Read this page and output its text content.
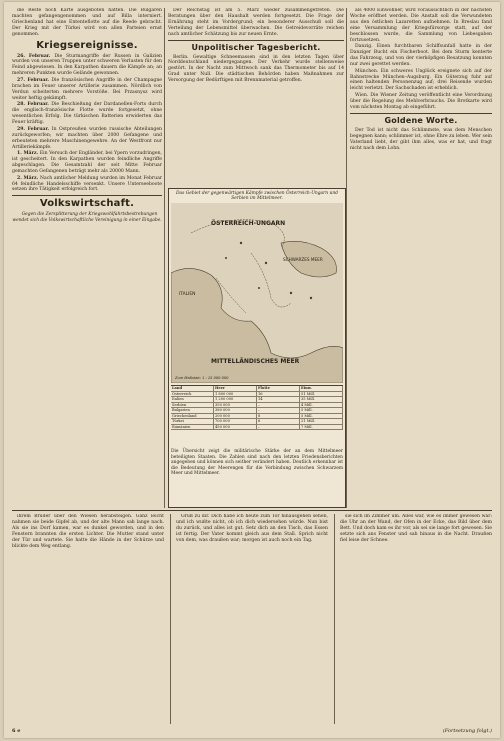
die Reste noch Karte ausgeboten hatten. Die Bulgaren machten gefangengenommen und auf Billa interniert. Griechenland hat eine Ententeflotte auf die Reede gebracht. Der Krieg mit der Türkei wird von allen Parteien ernst genommen.

Kriegsereignisse.

26. Februar. Die Sturmangriffe der Russen in Galizien wurden von unseren Truppen unter schweren Verlusten für den Feind abgewiesen. In den Karpathen dauern die Kämpfe an; an mehreren Punkten wurde Gelände gewonnen.

27. Februar. Die französischen Angriffe in der Champagne brachen im Feuer unserer Artillerie zusammen. Nördlich von Verdun scheiterten mehrere Vorstöße. Bei Przasnysz wird weiter heftig gekämpft.

28. Februar. Die Beschießung der Dardanellen-Forts durch die englisch-französische Flotte wurde fortgesetzt, ohne wesentlichen Erfolg. Die türkischen Batterien erwiderten das Feuer kräftig.

29. Februar. In Ostpreußen wurden russische Abteilungen zurückgeworfen; wir machten über 2000 Gefangene und erbeuteten mehrere Maschinengewehre. An der Westfront nur Artilleriekämpfe.

1. März. Ein Versuch der Engländer, bei Ypern vorzudringen, ist gescheitert. In den Karpathen wurden feindliche Angriffe abgeschlagen. Die Gesamtzahl der seit Mitte Februar gemachten Gefangenen beträgt mehr als 20000 Mann.

2. März. Nach amtlicher Meldung wurden im Monat Februar 64 feindliche Handelsschiffe versenkt. Unsere Unterseeboote setzen ihre Tätigkeit erfolgreich fort.

Volkswirtschaft.

Gegen die Zersplitterung der Kriegswohlfahrtsbestrebungen wendet sich die Volkswirtschaftliche Vereinigung in einer Eingabe.

Der Reichstag ist am 5. März wieder zusammengetreten. Die Beratungen über den Haushalt werden fortgesetzt. Die Frage der Ernährung steht im Vordergrund; ein besonderer Ausschuß soll die Verteilung der Lebensmittel überwachen. Die Getreidevorräte reichen nach amtlicher Schätzung bis zur neuen Ernte.

Unpolitischer Tagesbericht.

Berlin. Gewaltige Schneemassen sind in den letzten Tagen über Norddeutschland niedergegangen. Der Verkehr wurde stellenweise gestört. In der Nacht zum Mittwoch sank das Thermometer bis auf 14 Grad unter Null. Die städtischen Behörden haben Maßnahmen zur Versorgung der Bedürftigen mit Brennmaterial getroffen.

Das Gebiet der gegenwärtigen Kämpfe zwischen Österreich-Ungarn und Serbien im Mittelmeer.
ÖSTERREICH-UNGARN
MITTELLÄNDISCHES MEER
SCHWARZES MEER
ITALIEN
Zum Maßstab: 1 : 15 000 000
Land	Heer	Flotte	Einw.
Österreich	1 800 000	16	51 Mill.
Italien	1 200 000	14	35 Mill.
Serbien	350 000	–	4 Mill.
Bulgarien	380 000	–	5 Mill.
Griechenland	200 000	8	5 Mill.
Türkei	700 000	6	21 Mill.
Rumänien	450 000	–	7 Mill.
Die Übersicht zeigt die militärische Stärke der an dem Mittelmeer beteiligten Staaten. Die Zahlen sind nach den letzten Friedensberichten angegeben und können sich seither verändert haben. Deutlich erkennbar ist die Bedeutung der Meerengen für die Verbindung zwischen Schwarzem Meer und Mittelmeer.

als 4000 Einwohner, wird voraussichtlich in der nächsten Woche eröffnet werden. Die Anstalt soll die Verwundeten aus den östlichen Lazaretten aufnehmen. In Breslau fand eine Versammlung der Kriegsfürsorge statt, auf der beschlossen wurde, die Sammlung von Liebesgaben fortzusetzen.

Danzig. Einen furchtbaren Schiffsunfall hatte in der Danziger Bucht ein Fischerboot. Bei dem Sturm kenterte das Fahrzeug, und von der vierköpfigen Besatzung konnten nur zwei gerettet werden.

München. Ein schweres Unglück ereignete sich auf der Bahnstrecke München–Augsburg. Ein Güterzug fuhr auf einen haltenden Personenzug auf; drei Reisende wurden leicht verletzt. Der Sachschaden ist erheblich.

Wien. Die Wiener Zeitung veröffentlicht eine Verordnung über die Regelung des Mehlverbrauchs. Die Brotkarte wird vom nächsten Montag ab eingeführt.

Goldene Worte.

Der Tod ist nicht das Schlimmste, was dem Menschen begegnen kann; schlimmer ist, ohne Ehre zu leben. Wer sein Vaterland liebt, der gibt ihm alles, was er hat, und fragt nicht nach dem Lohn.

ihrem Bruder über den Wiesen herabsteigen. Ganz leicht nahmen sie beide Gipfel ab, und der alte Mann sah lange nach. Als sie ins Dorf kamen, war es dunkel geworden, und in den Fenstern brannten die ersten Lichter. Die Mutter stand unter der Tür und wartete. Sie hatte die Hände in der Schürze und blickte dem Weg entlang.

Gruß zu dir. Dich habe ich heute zum Tor hinausgehen sehen, und ich wußte nicht, ob ich dich wiedersehen würde. Nun bist du zurück, und alles ist gut. Setz dich an den Tisch, das Essen ist fertig. Der Vater kommt gleich aus dem Stall. Sprich nicht von dem, was draußen war; morgen ist auch noch ein Tag.

sie sich im Zimmer um. Alles war, wie es immer gewesen war: die Uhr an der Wand, der Ofen in der Ecke, das Bild über dem Bett. Und doch kam es ihr vor, als sei sie lange fort gewesen. Sie setzte sich ans Fenster und sah hinaus in die Nacht. Draußen fiel leise der Schnee.

6 e	(Fortsetzung folgt.)
